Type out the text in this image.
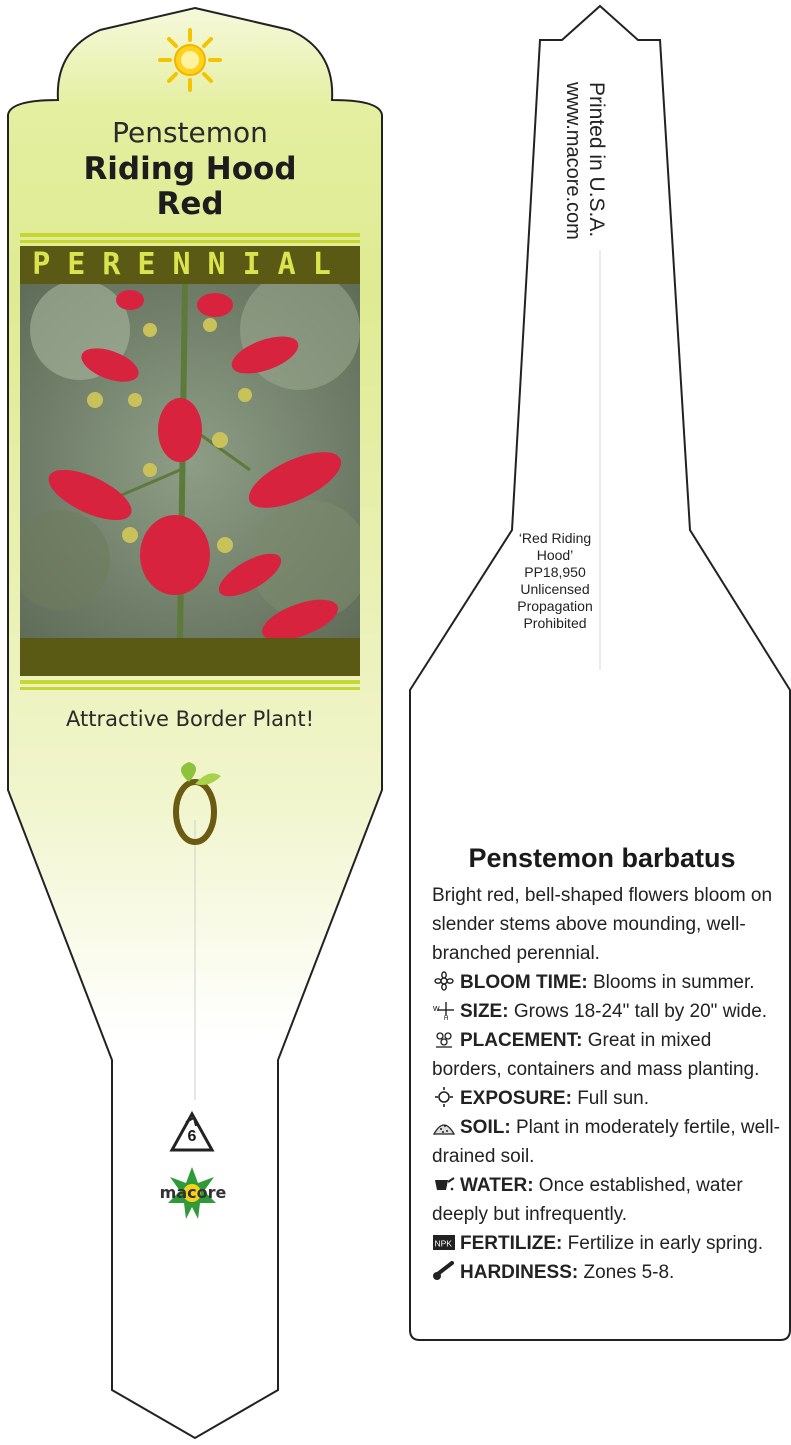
Penstemon
Riding Hood
Red
PERENNIAL
Attractive Border Plant!
6
macore
Printed in U.S.A.
www.macore.com
‘Red Riding Hood’
PP18,950
Unlicensed Propagation
Prohibited
Penstemon barbatus

Bright red, bell-shaped flowers bloom on slender stems above mounding, well-branched perennial.

BLOOM TIME: Blooms in summer.

W
H SIZE: Grows 18-24" tall by 20" wide.

PLACEMENT: Great in mixed borders, containers and mass planting.

EXPOSURE: Full sun.

SOIL: Plant in moderately fertile, well-drained soil.

WATER: Once established, water deeply but infrequently.

NPK FERTILIZE: Fertilize in early spring.

HARDINESS: Zones 5-8.
